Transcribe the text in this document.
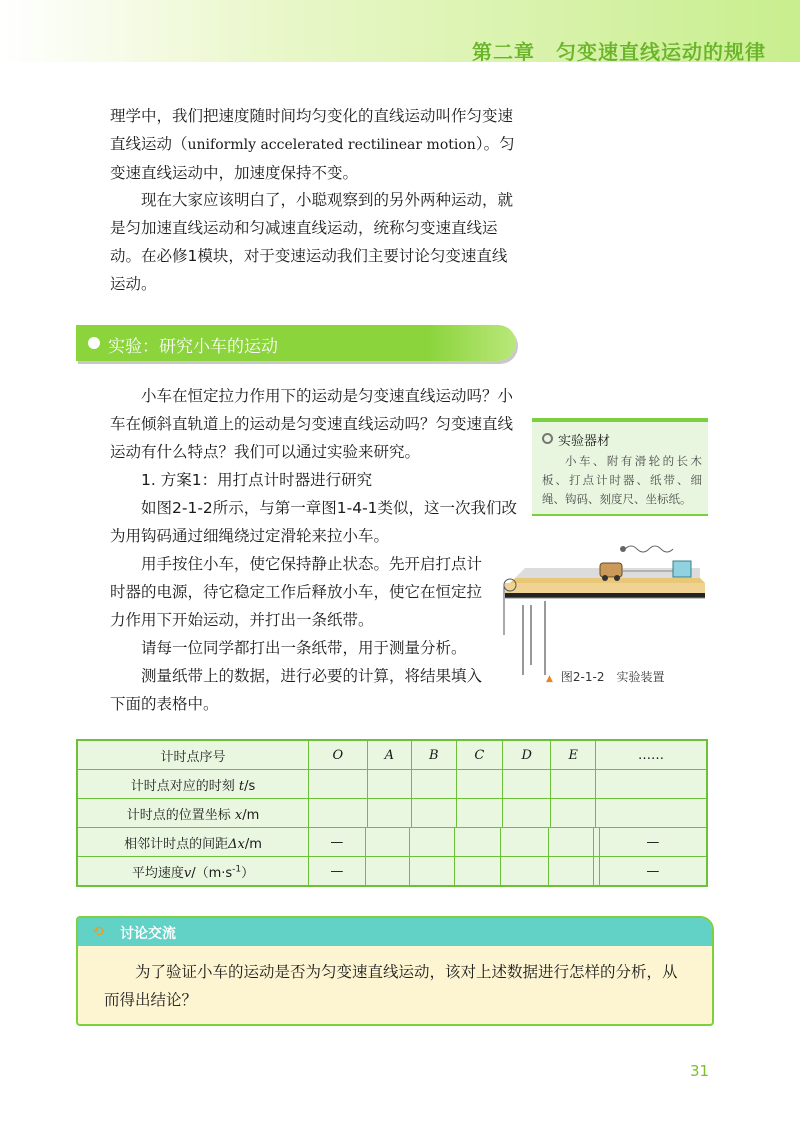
第二章　匀变速直线运动的规律

理学中，我们把速度随时间均匀变化的直线运动叫作匀变速直线运动（uniformly accelerated rectilinear motion）。匀变速直线运动中，加速度保持不变。

现在大家应该明白了，小聪观察到的另外两种运动，就是匀加速直线运动和匀减速直线运动，统称匀变速直线运动。在必修1模块，对于变速运动我们主要讨论匀变速直线运动。

实验：研究小车的运动

小车在恒定拉力作用下的运动是匀变速直线运动吗？小车在倾斜直轨道上的运动是匀变速直线运动吗？匀变速直线运动有什么特点？我们可以通过实验来研究。

1. 方案1：用打点计时器进行研究

如图2-1-2所示，与第一章图1-4-1类似，这一次我们改为用钩码通过细绳绕过定滑轮来拉小车。

用手按住小车，使它保持静止状态。先开启打点计时器的电源，待它稳定工作后释放小车，使它在恒定拉力作用下开始运动，并打出一条纸带。

请每一位同学都打出一条纸带，用于测量分析。

测量纸带上的数据，进行必要的计算，将结果填入下面的表格中。

实验器材

小车、附有滑轮的长木板、打点计时器、纸带、细绳、钩码、刻度尺、坐标纸。

▲ 图2-1-2　实验装置
计时点序号	O		A		B		C		D		E		……	
计时点对应的时刻 t/s														
计时点的位置坐标 x/m														
相邻计时点的间距Δx/m	—													—
平均速度$v/(m\cdot s^{-1})$	—													—
⟲ 讨论交流

为了验证小车的运动是否为匀变速直线运动，该对上述数据进行怎样的分析，从而得出结论？

31
